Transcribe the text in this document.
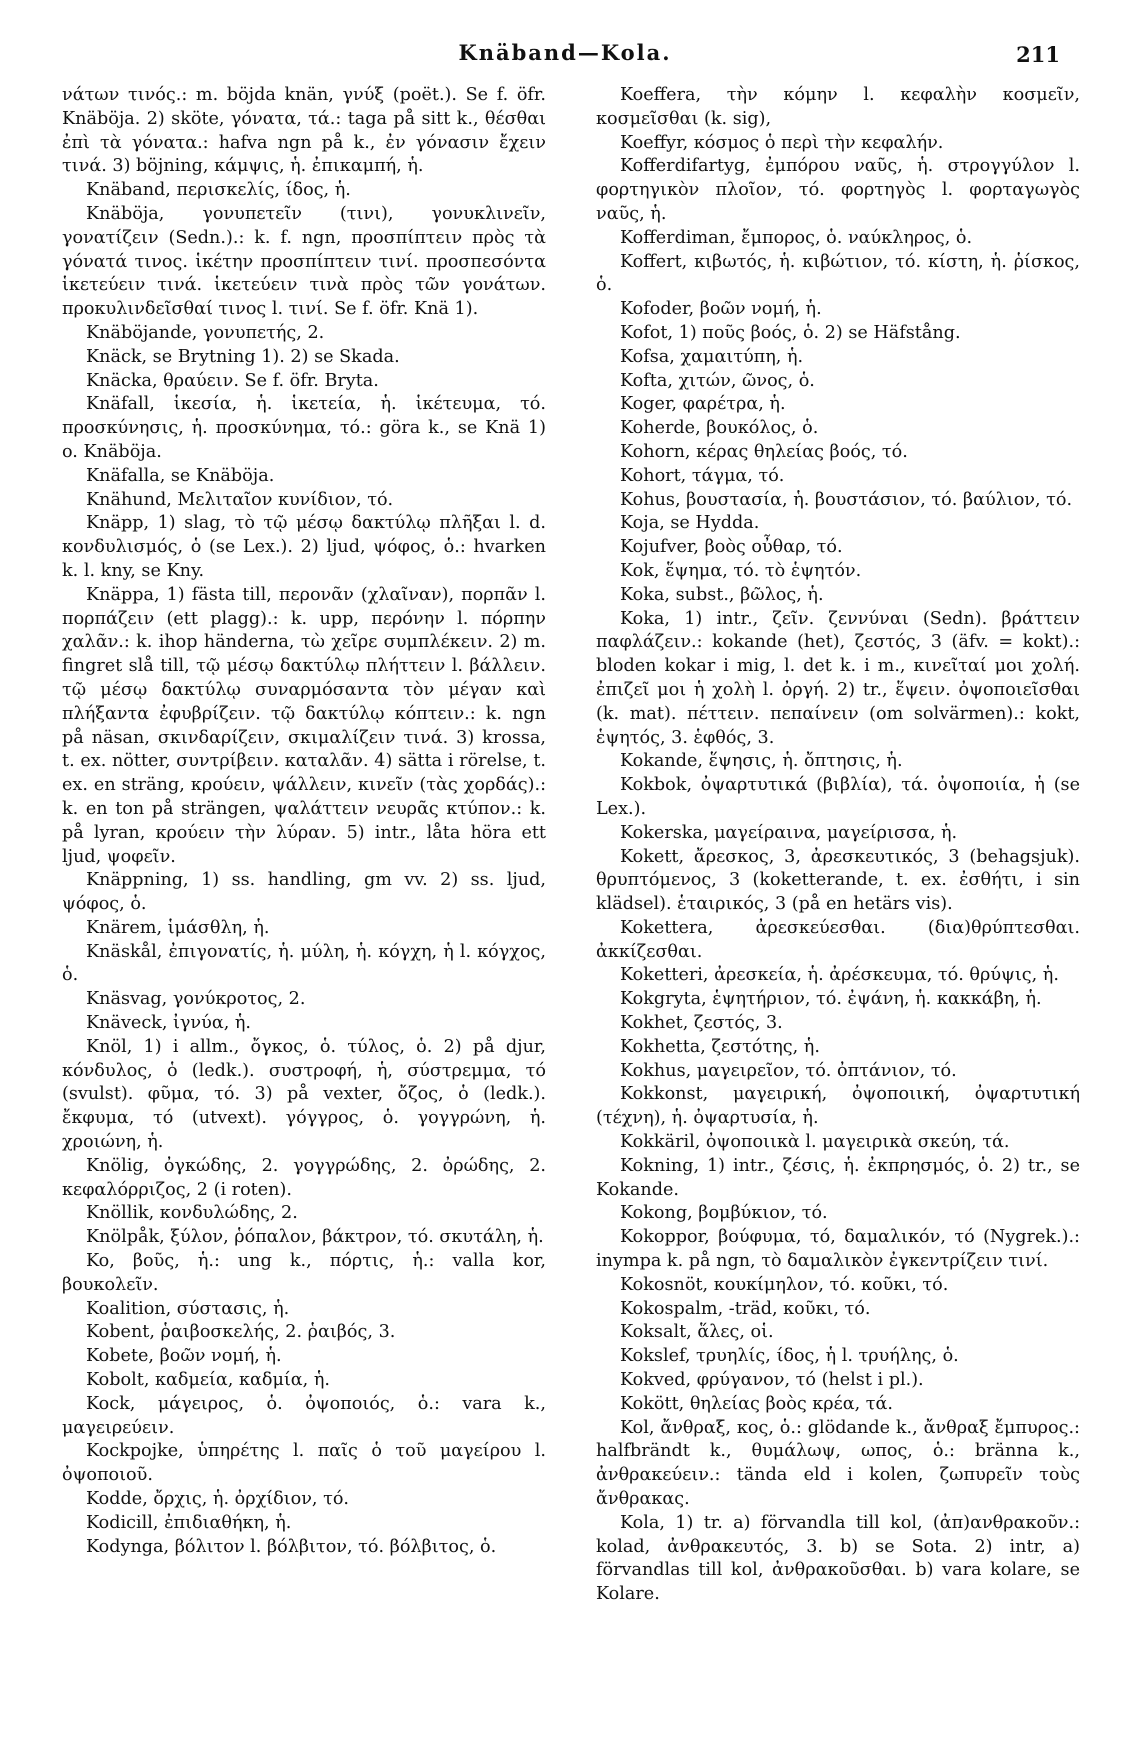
Knäband—Kola.	211

νάτων τινός.: m. böjda knän, γνύξ (poët.). Se f. öfr. Knäböja. 2) sköte, γόνατα, τά.: taga på sitt k., θέσθαι ἐπὶ τὰ γόνατα.: hafva ngn på k., ἐν γόνασιν ἔχειν τινά. 3) böjning, κάμψις, ἡ. ἐπικαμπή, ἡ.

Knäband, περισκελίς, ίδος, ἡ.

Knäböja, γονυπετεῖν (τινι), γονυκλινεῖν, γονατίζειν (Sedn.).: k. f. ngn, προσπίπτειν πρὸς τὰ γόνατά τινος. ἱκέτην προσπίπτειν τινί. προσπεσόντα ἱκετεύειν τινά. ἱκετεύειν τινὰ πρὸς τῶν γονάτων. προκυλινδεῖσθαί τινος l. τινί. Se f. öfr. Knä 1).

Knäböjande, γονυπετής, 2.

Knäck, se Brytning 1). 2) se Skada.

Knäcka, θραύειν. Se f. öfr. Bryta.

Knäfall, ἱκεσία, ἡ. ἱκετεία, ἡ. ἱκέτευμα, τό. προσκύνησις, ἡ. προσκύνημα, τό.: göra k., se Knä 1) o. Knäböja.

Knäfalla, se Knäböja.

Knähund, Μελιταῖον κυνίδιον, τό.

Knäpp, 1) slag, τὸ τῷ μέσῳ δακτύλῳ πλῆξαι l. d. κονδυλισμός, ὁ (se Lex.). 2) ljud, ψόφος, ὁ.: hvarken k. l. kny, se Kny.

Knäppa, 1) fästa till, περονᾶν (χλαῖναν), πορπᾶν l. πορπάζειν (ett plagg).: k. upp, περόνην l. πόρπην χαλᾶν.: k. ihop händerna, τὼ χεῖρε συμπλέκειν. 2) m. fingret slå till, τῷ μέσῳ δακτύλῳ πλήττειν l. βάλλειν. τῷ μέσῳ δακτύλῳ συναρμόσαντα τὸν μέγαν καὶ πλήξαντα ἐφυβρίζειν. τῷ δακτύλῳ κόπτειν.: k. ngn på näsan, σκινδαρίζειν, σκιμαλίζειν τινά. 3) krossa, t. ex. nötter, συντρίβειν. καταλᾶν. 4) sätta i rörelse, t. ex. en sträng, κρούειν, ψάλλειν, κινεῖν (τὰς χορδάς).: k. en ton på strängen, ψαλάττειν νευρᾶς κτύπον.: k. på lyran, κρούειν τὴν λύραν. 5) intr., låta höra ett ljud, ψοφεῖν.

Knäppning, 1) ss. handling, gm vv. 2) ss. ljud, ψόφος, ὁ.

Knärem, ἱμάσθλη, ἡ.

Knäskål, ἐπιγονατίς, ἡ. μύλη, ἡ. κόγχη, ἡ l. κόγχος, ὁ.

Knäsvag, γονύκροτος, 2.

Knäveck, ἰγνύα, ἡ.

Knöl, 1) i allm., ὄγκος, ὁ. τύλος, ὁ. 2) på djur, κόνδυλος, ὁ (ledk.). συστροφή, ἡ, σύστρεμμα, τό (svulst). φῦμα, τό. 3) på vexter, ὄζος, ὁ (ledk.). ἔκφυμα, τό (utvext). γόγγρος, ὁ. γογγρώνη, ἡ. χροιώνη, ἡ.

Knölig, ὀγκώδης, 2. γογγρώδης, 2. ὀρώδης, 2. κεφαλόρριζος, 2 (i roten).

Knöllik, κονδυλώδης, 2.

Knölpåk, ξύλον, ῥόπαλον, βάκτρον, τό. σκυτάλη, ἡ.

Ko, βοῦς, ἡ.: ung k., πόρτις, ἡ.: valla kor, βουκολεῖν.

Koalition, σύστασις, ἡ.

Kobent, ῥαιβοσκελής, 2. ῥαιβός, 3.

Kobete, βοῶν νομή, ἡ.

Kobolt, καδμεία, καδμία, ἡ.

Kock, μάγειρος, ὁ. ὀψοποιός, ὁ.: vara k., μαγειρεύειν.

Kockpojke, ὑπηρέτης l. παῖς ὁ τοῦ μαγείρου l. ὀψοποιοῦ.

Kodde, ὄρχις, ἡ. ὀρχίδιον, τό.

Kodicill, ἐπιδιαθήκη, ἡ.

Kodynga, βόλιτον l. βόλβιτον, τό. βόλβιτος, ὁ.

Koeffera, τὴν κόμην l. κεφαλὴν κοσμεῖν, κοσμεῖσθαι (k. sig),

Koeffyr, κόσμος ὁ περὶ τὴν κεφαλήν.

Kofferdifartyg, ἐμπόρου ναῦς, ἡ. στρογγύλον l. φορτηγικὸν πλοῖον, τό. φορτηγὸς l. φορταγωγὸς ναῦς, ἡ.

Kofferdiman, ἔμπορος, ὁ. ναύκληρος, ὁ.

Koffert, κιβωτός, ἡ. κιβώτιον, τό. κίστη, ἡ. ῥίσκος, ὁ.

Kofoder, βοῶν νομή, ἡ.

Kofot, 1) ποῦς βοός, ὁ. 2) se Häfstång.

Kofsa, χαμαιτύπη, ἡ.

Kofta, χιτών, ῶνος, ὁ.

Koger, φαρέτρα, ἡ.

Koherde, βουκόλος, ὁ.

Kohorn, κέρας θηλείας βοός, τό.

Kohort, τάγμα, τό.

Kohus, βουστασία, ἡ. βουστάσιον, τό. βαύλιον, τό.

Koja, se Hydda.

Kojufver, βοὸς οὖθαρ, τό.

Kok, ἕψημα, τό. τὸ ἑψητόν.

Koka, subst., βῶλος, ἡ.

Koka, 1) intr., ζεῖν. ζεννύναι (Sedn). βράττειν παφλάζειν.: kokande (het), ζεστός, 3 (äfv. = kokt).: bloden kokar i mig, l. det k. i m., κινεῖταί μοι χολή. ἐπιζεῖ μοι ἡ χολὴ l. ὀργή. 2) tr., ἕψειν. ὀψοποιεῖσθαι (k. mat). πέττειν. πεπαίνειν (om solvärmen).: kokt, ἑψητός, 3. ἑφθός, 3.

Kokande, ἕψησις, ἡ. ὄπτησις, ἡ.

Kokbok, ὀψαρτυτικά (βιβλία), τά. ὀψοποιία, ἡ (se Lex.).

Kokerska, μαγείραινα, μαγείρισσα, ἡ.

Kokett, ἄρεσκος, 3, ἀρεσκευτικός, 3 (behagsjuk). θρυπτόμενος, 3 (koketterande, t. ex. ἐσθήτι, i sin klädsel). ἑταιρικός, 3 (på en hetärs vis).

Kokettera, ἀρεσκεύεσθαι. (δια)θρύπτεσθαι. ἀκκίζεσθαι.

Koketteri, ἀρεσκεία, ἡ. ἀρέσκευμα, τό. θρύψις, ἡ.

Kokgryta, ἑψητήριον, τό. ἐψάνη, ἡ. κακκάβη, ἡ.

Kokhet, ζεστός, 3.

Kokhetta, ζεστότης, ἡ.

Kokhus, μαγειρεῖον, τό. ὀπτάνιον, τό.

Kokkonst, μαγειρική, ὀψοποιική, ὀψαρτυτική (τέχνη), ἡ. ὀψαρτυσία, ἡ.

Kokkäril, ὀψοποιικὰ l. μαγειρικὰ σκεύη, τά.

Kokning, 1) intr., ζέσις, ἡ. ἐκπρησμός, ὁ. 2) tr., se Kokande.

Kokong, βομβύκιον, τό.

Kokoppor, βούφυμα, τό, δαμαλικόν, τό (Nygrek.).: inympa k. på ngn, τὸ δαμαλικὸν ἐγκεντρίζειν τινί.

Kokosnöt, κουκίμηλον, τό. κοῦκι, τό.

Kokospalm, -träd, κοῦκι, τό.

Koksalt, ἅλες, οἱ.

Kokslef, τρυηλίς, ίδος, ἡ l. τρυήλης, ὁ.

Kokved, φρύγανον, τό (helst i pl.).

Kokött, θηλείας βοὸς κρέα, τά.

Kol, ἄνθραξ, κος, ὁ.: glödande k., ἄνθραξ ἔμπυρος.: halfbrändt k., θυμάλωψ, ωπος, ὁ.: bränna k., ἀνθρακεύειν.: tända eld i kolen, ζωπυρεῖν τοὺς ἄνθρακας.

Kola, 1) tr. a) förvandla till kol, (ἀπ)ανθρακοῦν.: kolad, ἀνθρακευτός, 3. b) se Sota. 2) intr, a) förvandlas till kol, ἀνθρακοῦσθαι. b) vara kolare, se Kolare.
